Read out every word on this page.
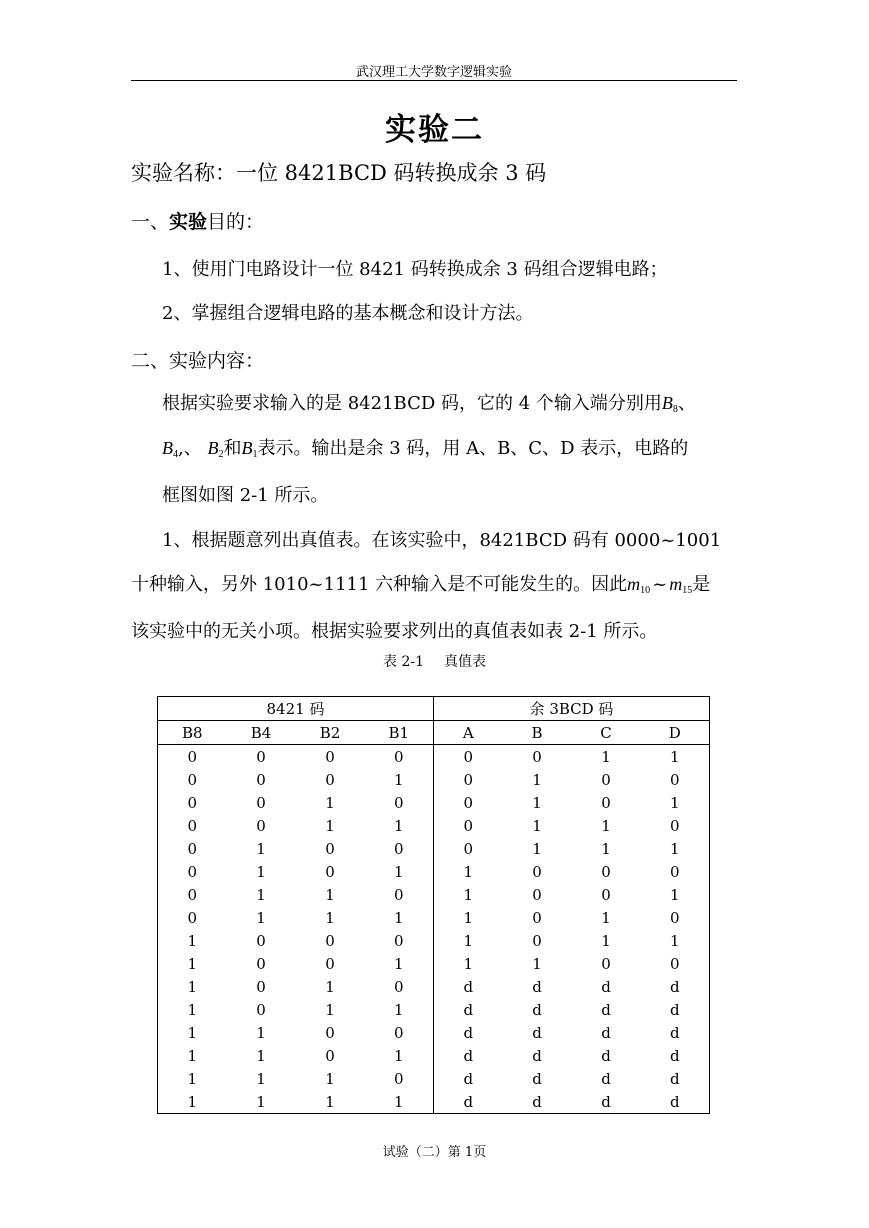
武汉理工大学数字逻辑实验
实验二
实验名称：一位 8421BCD 码转换成余 3 码
一、实验目的：
1、使用门电路设计一位 8421 码转换成余 3 码组合逻辑电路；
2、掌握组合逻辑电路的基本概念和设计方法。
二、实验内容：
根据实验要求输入的是 8421BCD 码，它的 4 个输入端分别用$B_8$、
$B_4$,、 $B_2$和$B_1$表示。输出是余 3 码，用 A、B、C、D 表示，电路的
框图如图 2-1 所示。
1、根据题意列出真值表。在该实验中，8421BCD 码有 0000~1001
十种输入，另外 1010~1111 六种输入是不可能发生的。因此$m_{10}$ ~ $m_{15}$是
该实验中的无关小项。根据实验要求列出的真值表如表 2-1 所示。
表 2-1 真值表
8421 码				余 3BCD 码			
B8	B4	B2	B1	A	B	C	D
0	0	0	0	0	0	1	1
0	0	0	1	0	1	0	0
0	0	1	0	0	1	0	1
0	0	1	1	0	1	1	0
0	1	0	0	0	1	1	1
0	1	0	1	1	0	0	0
0	1	1	0	1	0	0	1
0	1	1	1	1	0	1	0
1	0	0	0	1	0	1	1
1	0	0	1	1	1	0	0
1	0	1	0	d	d	d	d
1	0	1	1	d	d	d	d
1	1	0	0	d	d	d	d
1	1	0	1	d	d	d	d
1	1	1	0	d	d	d	d
1	1	1	1	d	d	d	d
试验（二）第 1页
